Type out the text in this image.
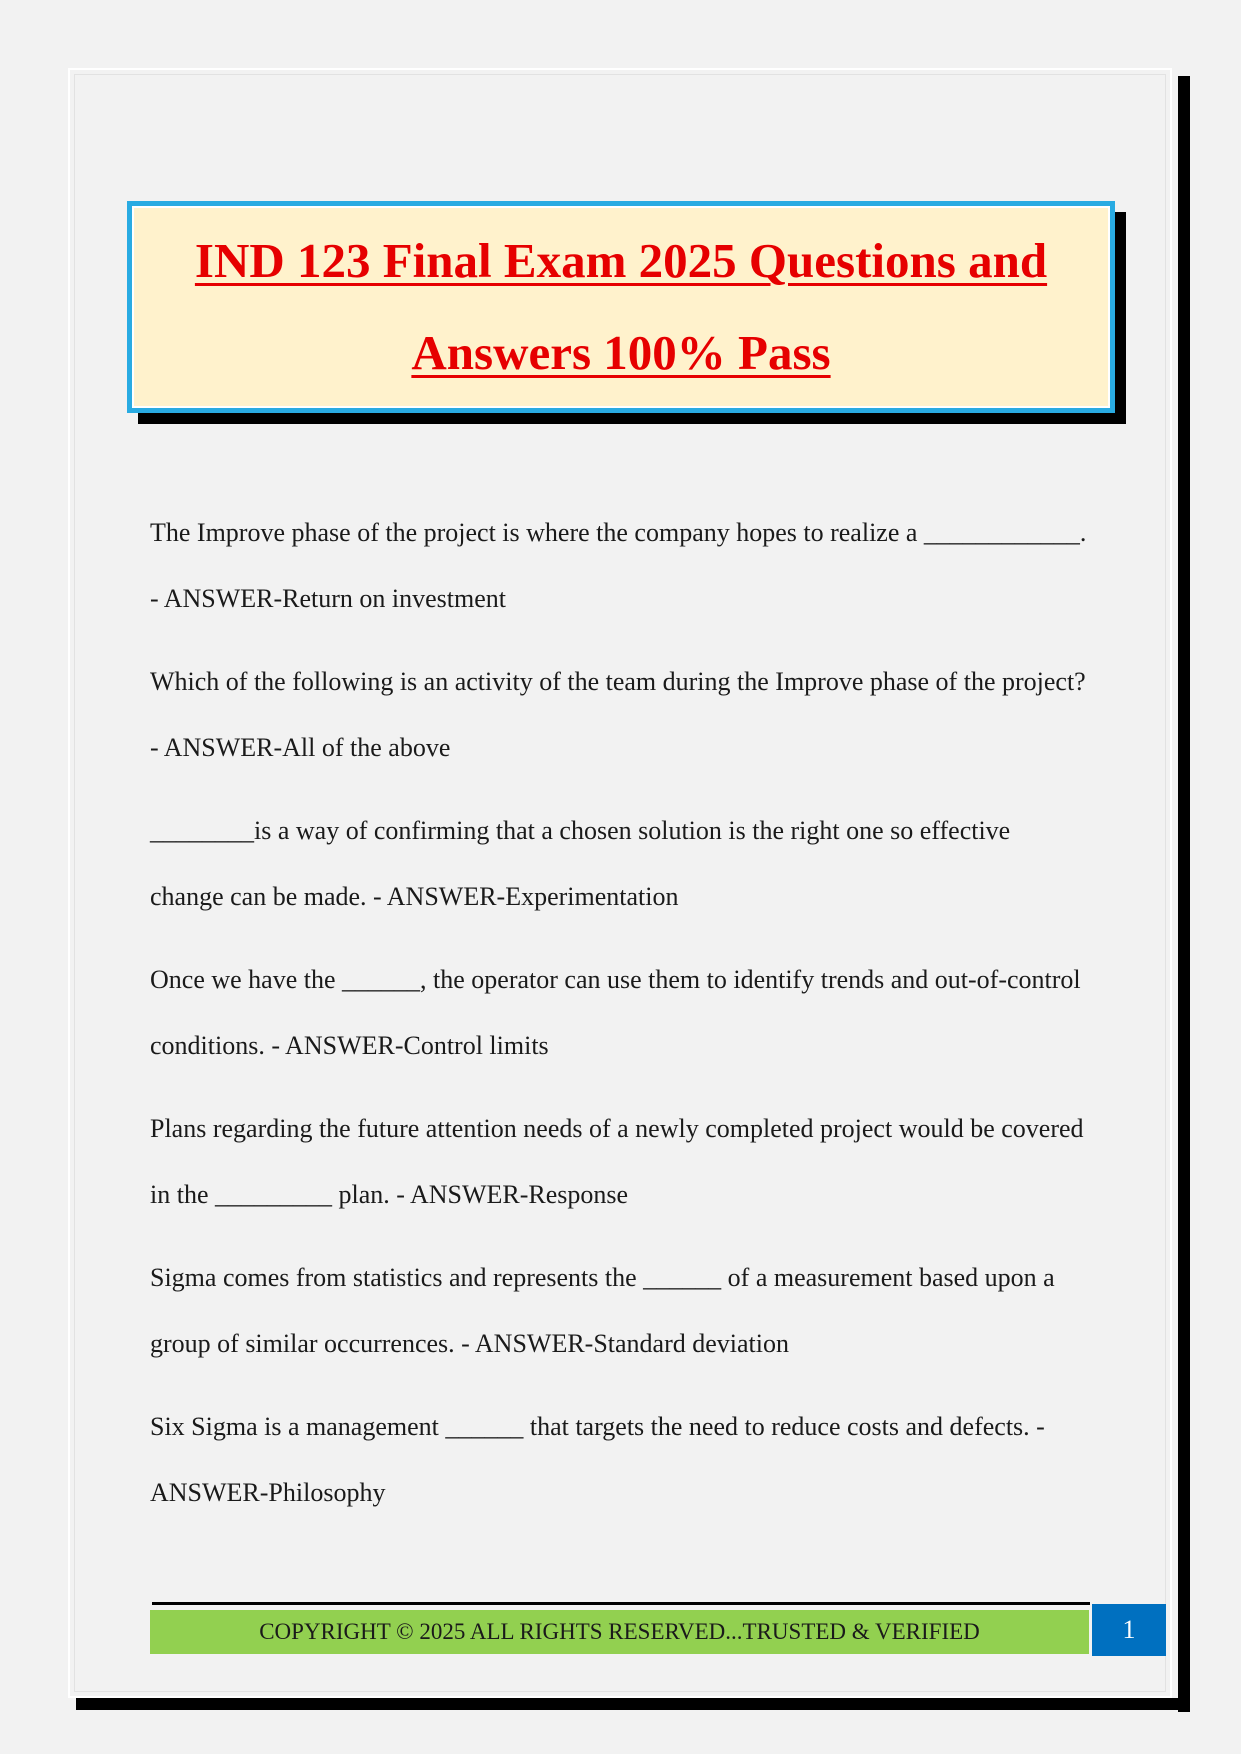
IND 123 Final Exam 2025 Questions and
Answers 100% Pass

The Improve phase of the project is where the company hopes to realize a ____________. - ANSWER-Return on investment

Which of the following is an activity of the team during the Improve phase of the project? - ANSWER-All of the above

________is a way of confirming that a chosen solution is the right one so effective change can be made. - ANSWER-Experimentation

Once we have the ______, the operator can use them to identify trends and out-of-control conditions. - ANSWER-Control limits

Plans regarding the future attention needs of a newly completed project would be covered in the _________ plan. - ANSWER-Response

Sigma comes from statistics and represents the ______ of a measurement based upon a group of similar occurrences. - ANSWER-Standard deviation

Six Sigma is a management ______ that targets the need to reduce costs and defects. - ANSWER-Philosophy

COPYRIGHT © 2025 ALL RIGHTS RESERVED...TRUSTED & VERIFIED	1
